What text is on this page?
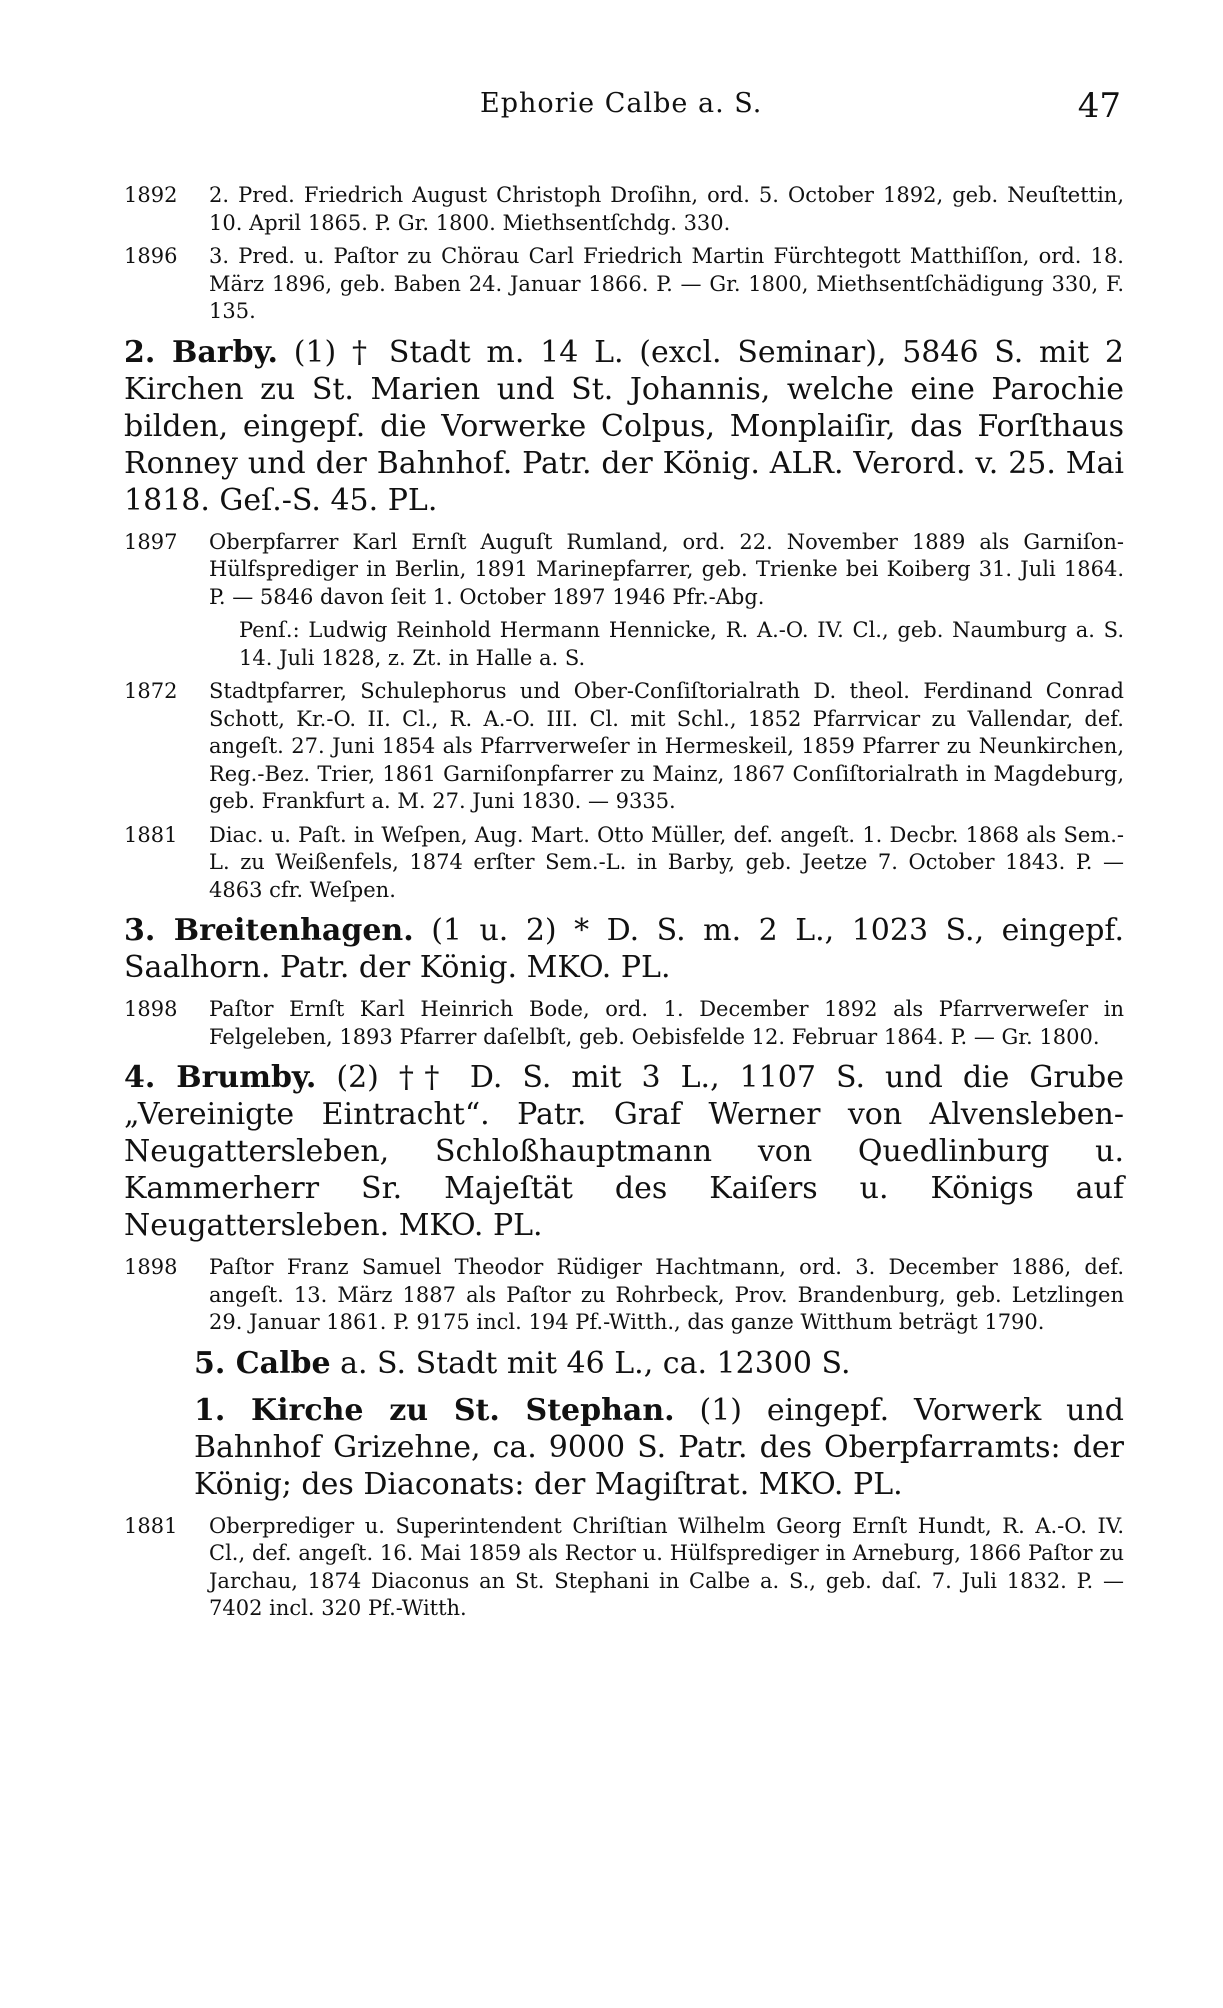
Ephorie Calbe a. S.	47
1892 2. Pred. Friedrich August Christoph Droſihn, ord. 5. October 1892, geb. Neuſtettin, 10. April 1865. P. Gr. 1800. Miethsentſchdg. 330.
1896 3. Pred. u. Paſtor zu Chörau Carl Friedrich Martin Fürchtegott Matthiſſon, ord. 18. März 1896, geb. Baben 24. Januar 1866. P. — Gr. 1800, Miethsentſchädigung 330, F. 135.
2. Barby. (1) † Stadt m. 14 L. (excl. Seminar), 5846 S. mit 2 Kirchen zu St. Marien und St. Johannis, welche eine Parochie bilden, eingepf. die Vorwerke Colpus, Monplaiſir, das Forſthaus Ronney und der Bahnhof. Patr. der König. ALR. Verord. v. 25. Mai 1818. Geſ.-S. 45. PL.
1897 Oberpfarrer Karl Ernſt Auguſt Rumland, ord. 22. November 1889 als Garniſon-Hülfsprediger in Berlin, 1891 Marinepfarrer, geb. Trienke bei Koiberg 31. Juli 1864. P. — 5846 davon ſeit 1. October 1897 1946 Pfr.-Abg.
Penſ.: Ludwig Reinhold Hermann Hennicke, R. A.-O. IV. Cl., geb. Naumburg a. S. 14. Juli 1828, z. Zt. in Halle a. S.
1872 Stadtpfarrer, Schulephorus und Ober-Conſiſtorialrath D. theol. Ferdinand Conrad Schott, Kr.-O. II. Cl., R. A.-O. III. Cl. mit Schl., 1852 Pfarrvicar zu Vallendar, def. angeſt. 27. Juni 1854 als Pfarrverweſer in Hermeskeil, 1859 Pfarrer zu Neunkirchen, Reg.-Bez. Trier, 1861 Garniſonpfarrer zu Mainz, 1867 Conſiſtorialrath in Magdeburg, geb. Frankfurt a. M. 27. Juni 1830. — 9335.
1881 Diac. u. Paſt. in Weſpen, Aug. Mart. Otto Müller, def. angeſt. 1. Decbr. 1868 als Sem.-L. zu Weißenfels, 1874 erſter Sem.-L. in Barby, geb. Jeetze 7. October 1843. P. — 4863 cfr. Weſpen.
3. Breitenhagen. (1 u. 2) * D. S. m. 2 L., 1023 S., eingepf. Saalhorn. Patr. der König. MKO. PL.
1898 Paſtor Ernſt Karl Heinrich Bode, ord. 1. December 1892 als Pfarrverweſer in Felgeleben, 1893 Pfarrer daſelbſt, geb. Oebisfelde 12. Februar 1864. P. — Gr. 1800.
4. Brumby. (2) †† D. S. mit 3 L., 1107 S. und die Grube „Vereinigte Eintracht“. Patr. Graf Werner von Alvensleben-Neugattersleben, Schloßhauptmann von Quedlinburg u. Kammerherr Sr. Majeſtät des Kaiſers u. Königs auf Neugattersleben. MKO. PL.
1898 Paſtor Franz Samuel Theodor Rüdiger Hachtmann, ord. 3. December 1886, def. angeſt. 13. März 1887 als Paſtor zu Rohrbeck, Prov. Brandenburg, geb. Letzlingen 29. Januar 1861. P. 9175 incl. 194 Pf.-Witth., das ganze Witthum beträgt 1790.
5. Calbe a. S. Stadt mit 46 L., ca. 12300 S.
1. Kirche zu St. Stephan. (1) eingepf. Vorwerk und Bahnhof Grizehne, ca. 9000 S. Patr. des Oberpfarramts: der König; des Diaconats: der Magiſtrat. MKO. PL.
1881 Oberprediger u. Superintendent Chriſtian Wilhelm Georg Ernſt Hundt, R. A.-O. IV. Cl., def. angeſt. 16. Mai 1859 als Rector u. Hülfsprediger in Arneburg, 1866 Paſtor zu Jarchau, 1874 Diaconus an St. Stephani in Calbe a. S., geb. daſ. 7. Juli 1832. P. — 7402 incl. 320 Pf.-Witth.
